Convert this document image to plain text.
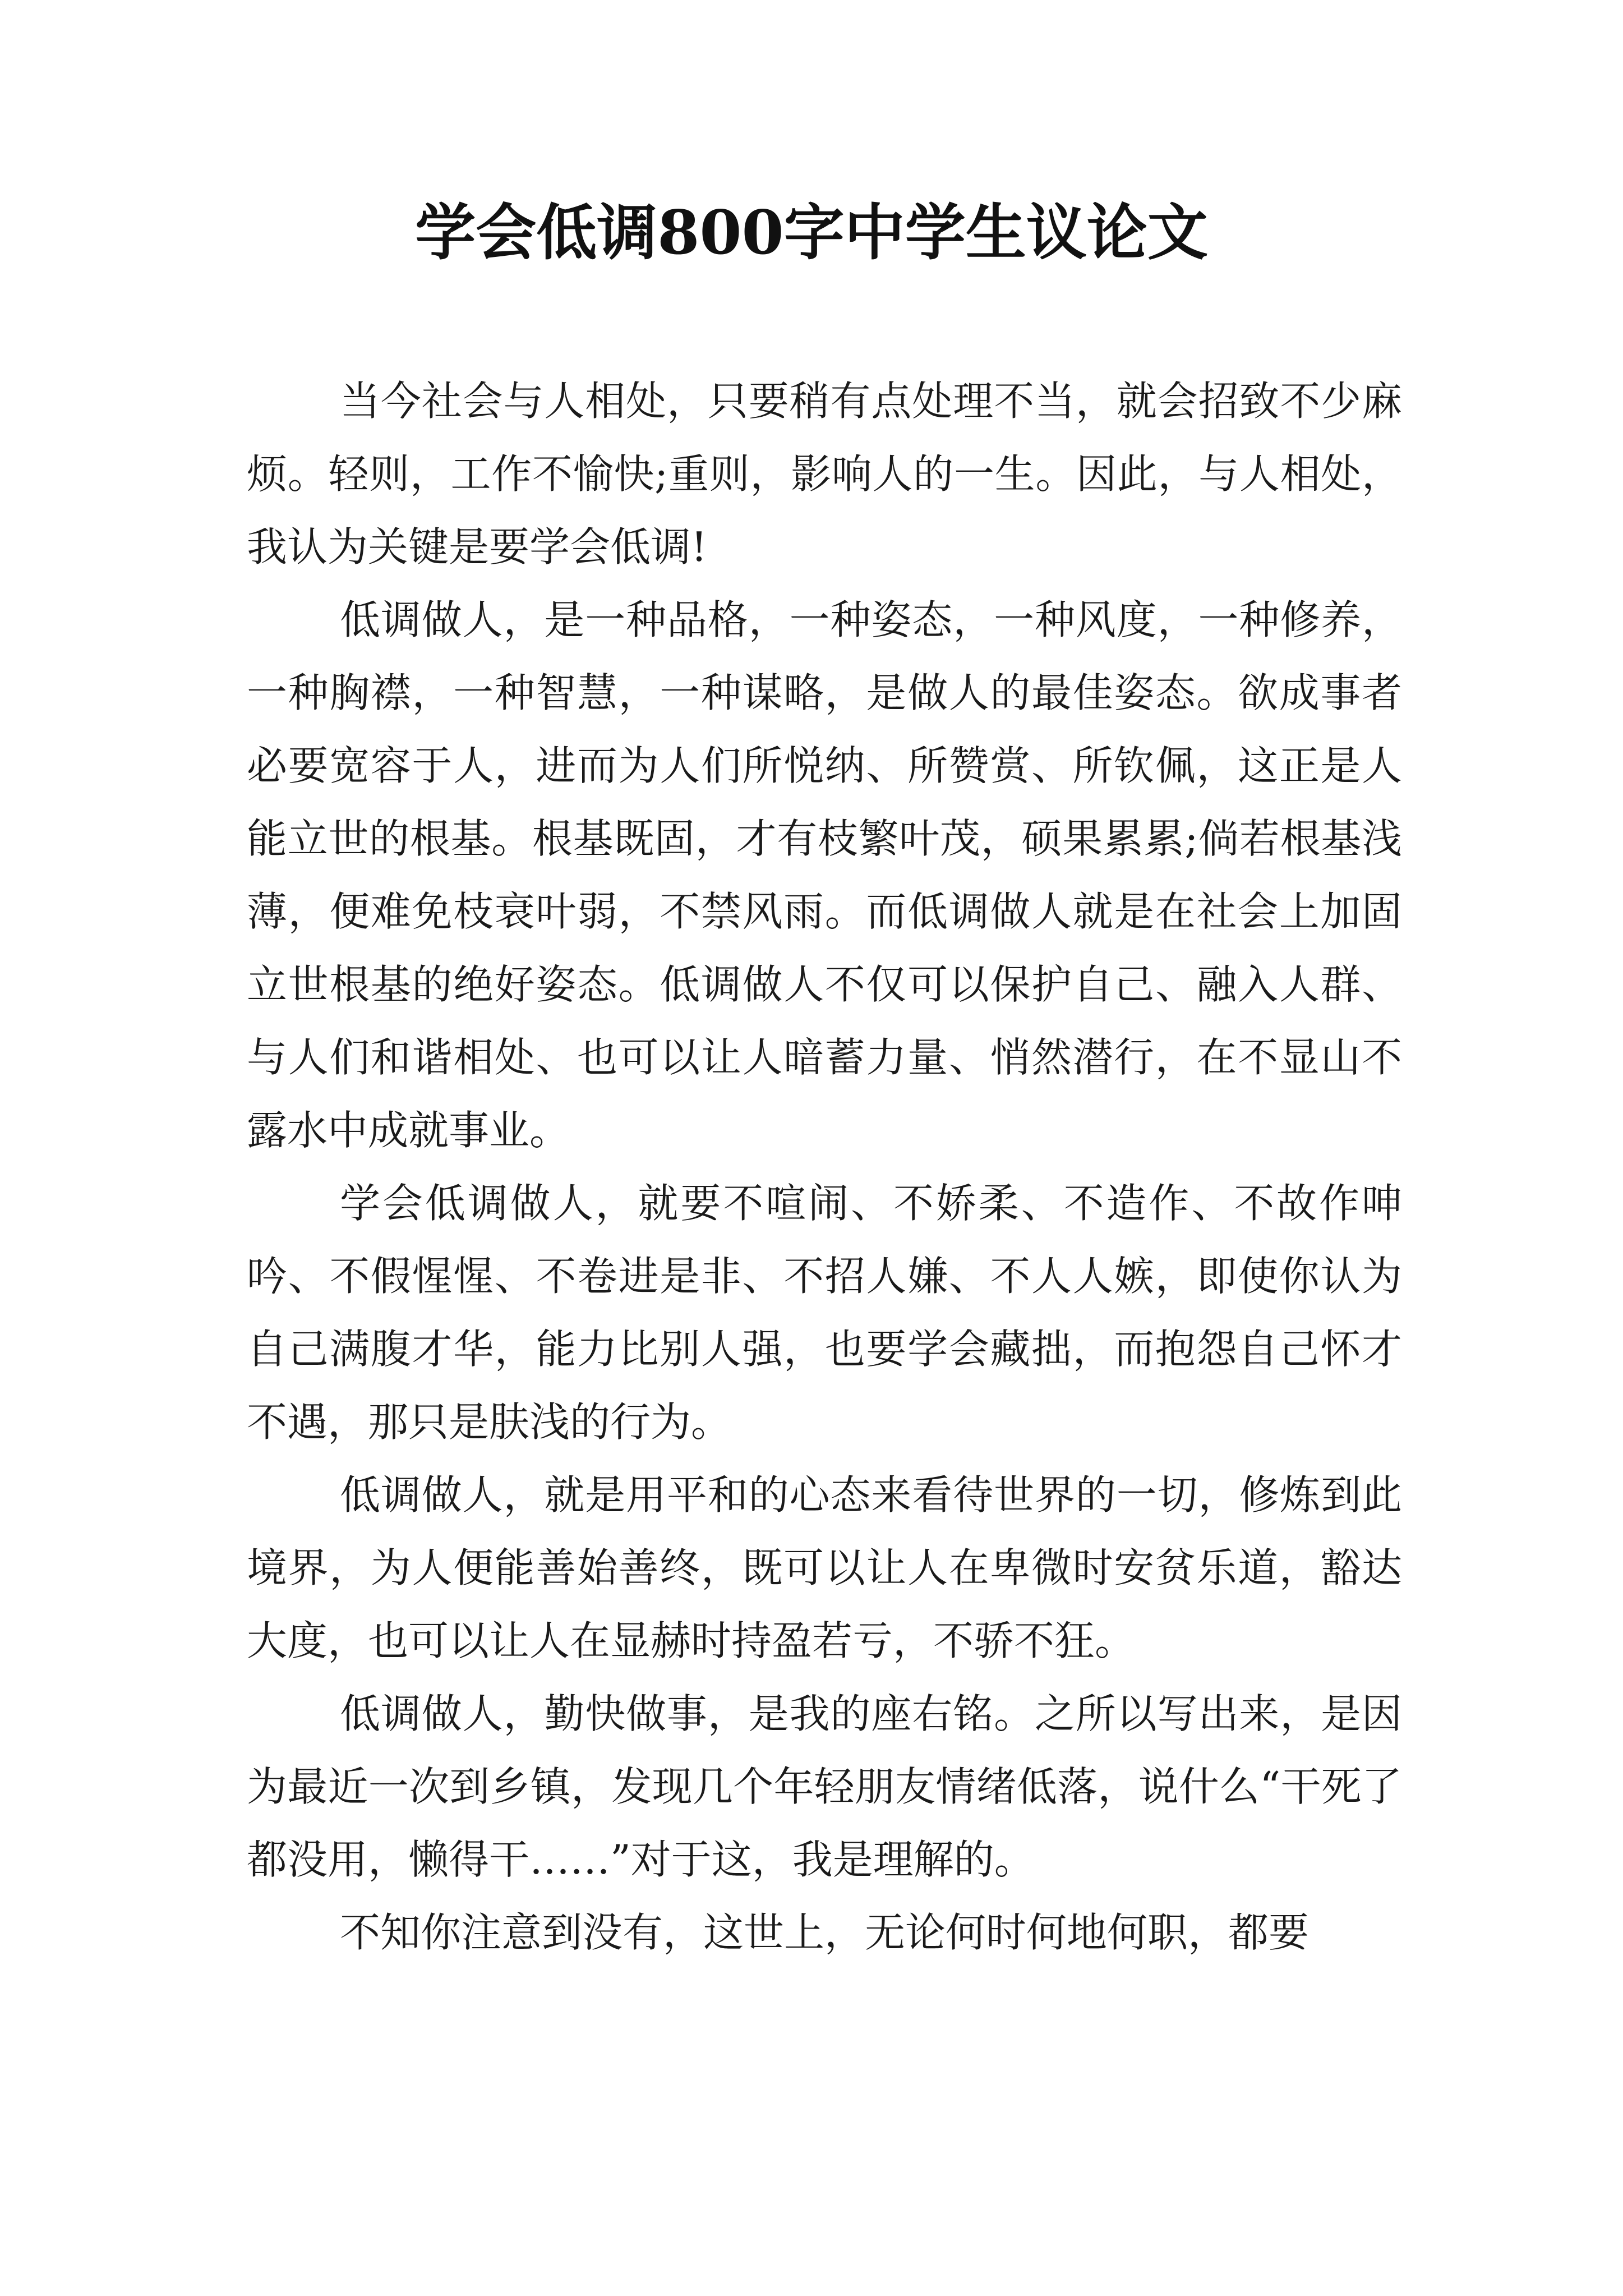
学会低调800字中学生议论文

当今社会与人相处，只要稍有点处理不当，就会招致不少麻烦。轻则，工作不愉快;重则，影响人的一生。因此，与人相处，我认为关键是要学会低调!

低调做人，是一种品格，一种姿态，一种风度，一种修养，一种胸襟，一种智慧，一种谋略，是做人的最佳姿态。欲成事者必要宽容于人，进而为人们所悦纳、所赞赏、所钦佩，这正是人能立世的根基。根基既固，才有枝繁叶茂，硕果累累;倘若根基浅薄，便难免枝衰叶弱，不禁风雨。而低调做人就是在社会上加固立世根基的绝好姿态。低调做人不仅可以保护自己、融入人群、与人们和谐相处、也可以让人暗蓄力量、悄然潜行，在不显山不露水中成就事业。

学会低调做人，就要不喧闹、不娇柔、不造作、不故作呻吟、不假惺惺、不卷进是非、不招人嫌、不人人嫉，即使你认为自己满腹才华，能力比别人强，也要学会藏拙，而抱怨自己怀才不遇，那只是肤浅的行为。

低调做人，就是用平和的心态来看待世界的一切，修炼到此境界，为人便能善始善终，既可以让人在卑微时安贫乐道，豁达大度，也可以让人在显赫时持盈若亏，不骄不狂。

低调做人，勤快做事，是我的座右铭。之所以写出来，是因为最近一次到乡镇，发现几个年轻朋友情绪低落，说什么“干死了都没用，懒得干……”对于这，我是理解的。

不知你注意到没有，这世上，无论何时何地何职，都要
